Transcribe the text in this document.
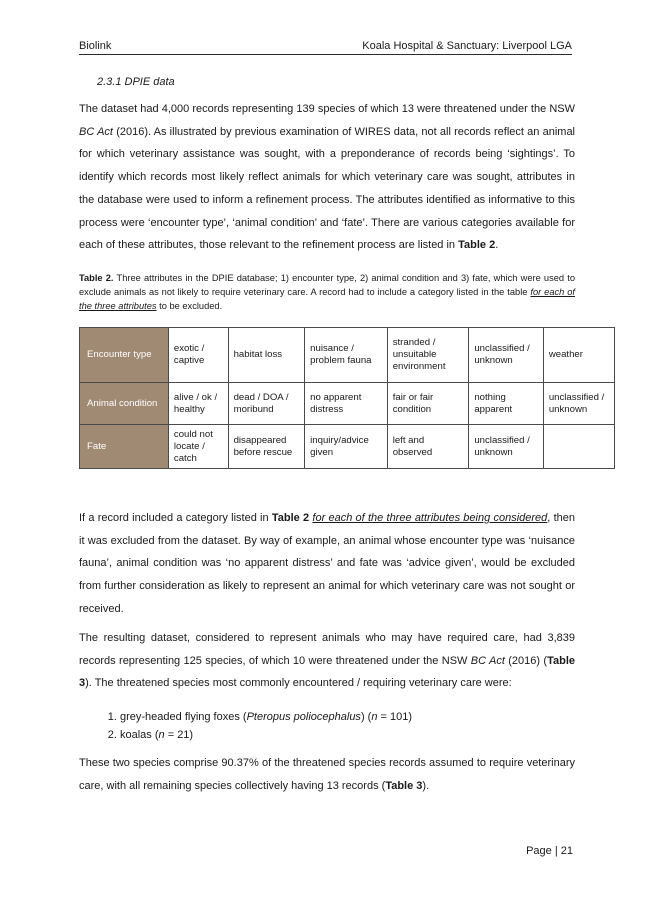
Biolink	Koala Hospital & Sanctuary: Liverpool LGA
2.3.1 DPIE data
The dataset had 4,000 records representing 139 species of which 13 were threatened under the NSW BC Act (2016). As illustrated by previous examination of WIRES data, not all records reflect an animal for which veterinary assistance was sought, with a preponderance of records being ‘sightings’. To identify which records most likely reflect animals for which veterinary care was sought, attributes in the database were used to inform a refinement process. The attributes identified as informative to this process were ‘encounter type’, ‘animal condition’ and ‘fate’. There are various categories available for each of these attributes, those relevant to the refinement process are listed in Table 2.
Table 2. Three attributes in the DPIE database; 1) encounter type, 2) animal condition and 3) fate, which were used to exclude animals as not likely to require veterinary care. A record had to include a category listed in the table for each of the three attributes to be excluded.
Encounter type	exotic / captive	habitat loss	nuisance / problem fauna	stranded / unsuitable environment	unclassified / unknown	weather
Animal condition	alive / ok / healthy	dead / DOA / moribund	no apparent distress	fair or fair condition	nothing apparent	unclassified / unknown
Fate	could not locate / catch	disappeared before rescue	inquiry/advice given	left and observed	unclassified / unknown	
If a record included a category listed in Table 2 for each of the three attributes being considered, then it was excluded from the dataset. By way of example, an animal whose encounter type was ‘nuisance fauna’, animal condition was ‘no apparent distress’ and fate was ‘advice given’, would be excluded from further consideration as likely to represent an animal for which veterinary care was not sought or received.
The resulting dataset, considered to represent animals who may have required care, had 3,839 records representing 125 species, of which 10 were threatened under the NSW BC Act (2016) (Table 3). The threatened species most commonly encountered / requiring veterinary care were:
1. grey-headed flying foxes (Pteropus poliocephalus) (n = 101)
2. koalas (n = 21)
These two species comprise 90.37% of the threatened species records assumed to require veterinary care, with all remaining species collectively having 13 records (Table 3).
Page | 21
